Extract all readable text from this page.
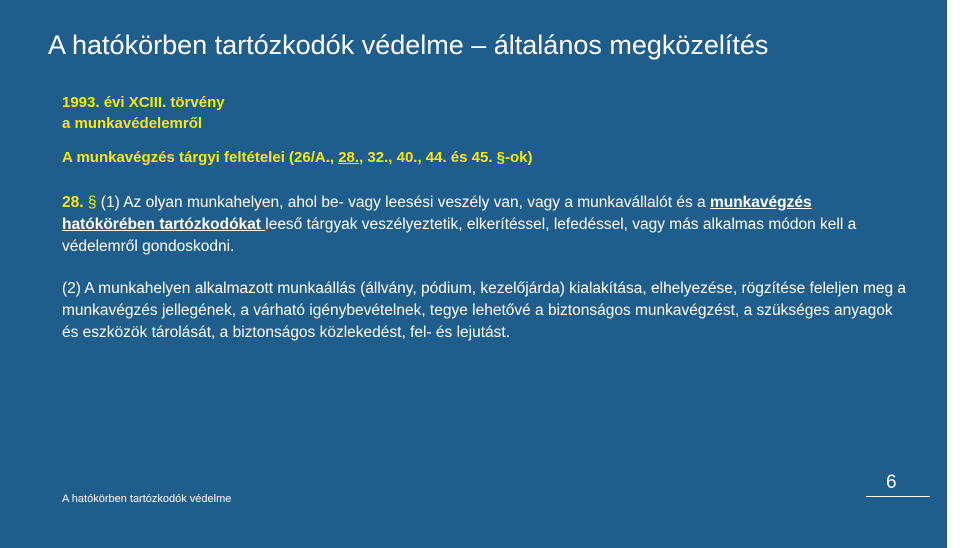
A hatókörben tartózkodók védelme – általános megközelítés
1993. évi XCIII. törvény
a munkavédelemről
A munkavégzés tárgyi feltételei (26/A., 28., 32., 40., 44. és 45. §-ok)
28. § (1) Az olyan munkahelyen, ahol be- vagy leesési veszély van, vagy a munkavállalót és a munkavégzés hatókörében tartózkodókat leeső tárgyak veszélyeztetik, elkerítéssel, lefedéssel, vagy más alkalmas módon kell a védelemről gondoskodni.
(2) A munkahelyen alkalmazott munkaállás (állvány, pódium, kezelőjárda) kialakítása, elhelyezése, rögzítése feleljen meg a munkavégzés jellegének, a várható igénybevételnek, tegye lehetővé a biztonságos munkavégzést, a szükséges anyagok és eszközök tárolását, a biztonságos közlekedést, fel- és lejutást.
A hatókörben tartózkodók védelme
6
